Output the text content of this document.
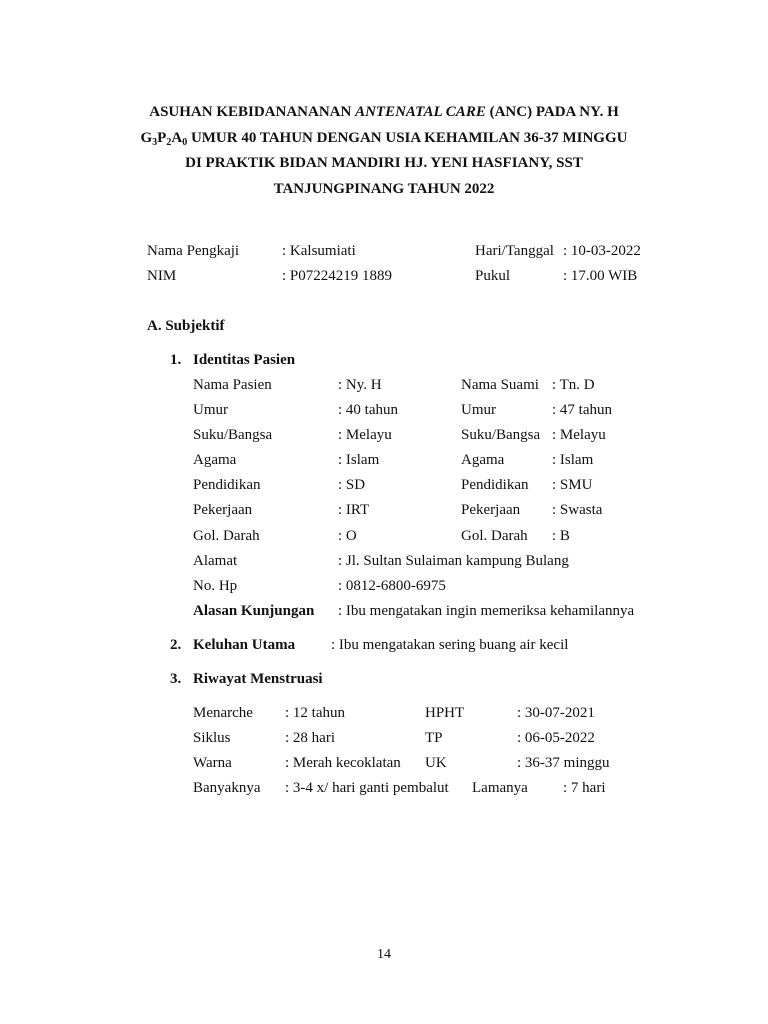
ASUHAN KEBIDANANANAN ANTENATAL CARE (ANC) PADA NY. H
$G_3P_2A_0$ UMUR 40 TAHUN DENGAN USIA KEHAMILAN 36-37 MINGGU
DI PRAKTIK BIDAN MANDIRI HJ. YENI HASFIANY, SST
TANJUNGPINANG TAHUN 2022
Nama Pengkaji	: Kalsumiati	Hari/Tanggal : 10-03-2022
NIM	: P07224219 1889	Pukul	: 17.00 WIB
A. Subjektif
1. Identitas Pasien
Nama Pasien	: Ny. H	Nama Suami : Tn. D
Umur	: 40 tahun	Umur	: 47 tahun
Suku/Bangsa	: Melayu	Suku/Bangsa : Melayu
Agama	: Islam	Agama	: Islam
Pendidikan	: SD	Pendidikan : SMU
Pekerjaan	: IRT	Pekerjaan : Swasta
Gol. Darah	: O	Gol. Darah : B
Alamat	: Jl. Sultan Sulaiman kampung Bulang
No. Hp	: 0812-6800-6975
Alasan Kunjungan : Ibu mengatakan ingin memeriksa kehamilannya
2. Keluhan Utama : Ibu mengatakan sering buang air kecil
3. Riwayat Menstruasi
Menarche : 12 tahun	HPHT	: 30-07-2021
Siklus	: 28 hari	TP	: 06-05-2022
Warna	: Merah kecoklatan UK	: 36-37 minggu
Banyaknya : 3-4 x/ hari ganti pembalut Lamanya : 7 hari
14
